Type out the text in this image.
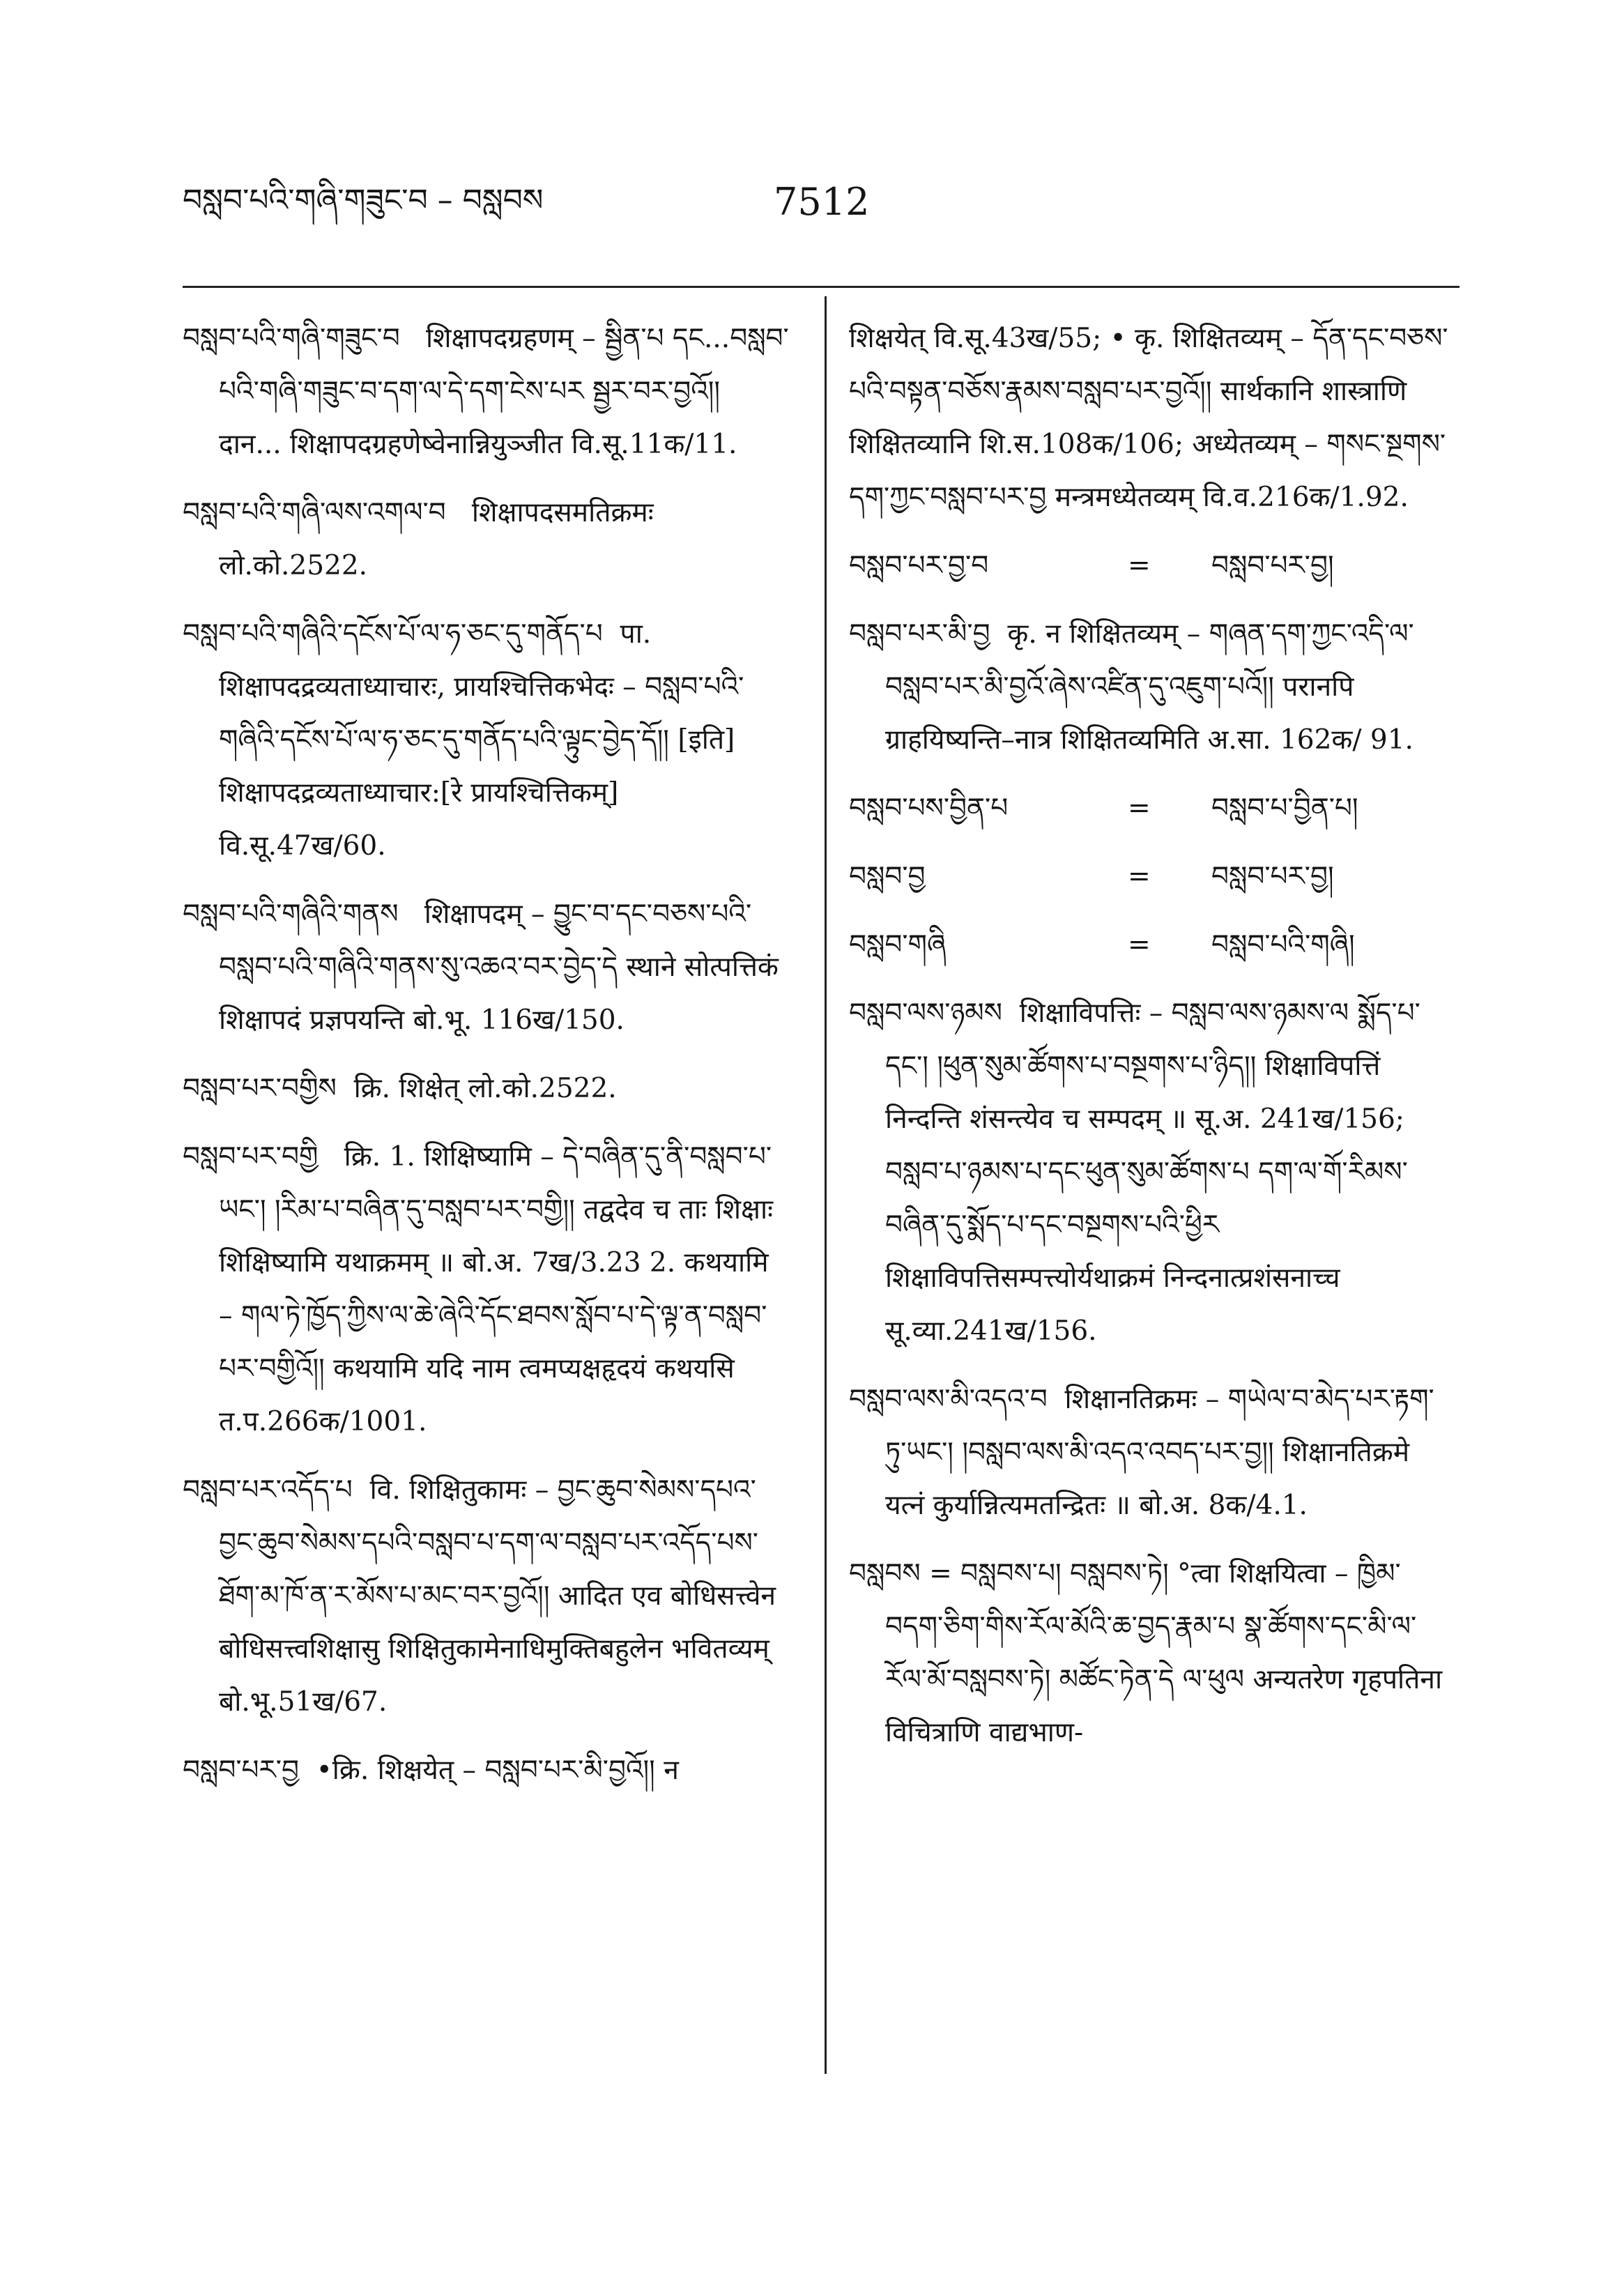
བསླབ་པའི་གཞི་གཟུང་བ – བསླབས	7512

བསླབ་པའི་གཞི་གཟུང་བ शिक्षापदग्रहणम् – སྦྱིན་པ དང...བསླབ་པའི་གཞི་གཟུང་བ་དག་ལ་དེ་དག་ངེས་པར སྦྱར་བར་བྱའོ།། दान... शिक्षापदग्रहणेष्वेनान्नियुञ्जीत वि.सू.11क/11.

བསླབ་པའི་གཞི་ལས་འགལ་བ शिक्षापदसमतिक्रमः लो.को.2522.

བསླབ་པའི་གཞིའི་དངོས་པོ་ལ་ཧ་ཅང་དུ་གནོད་པ पा. शिक्षापदद्रव्यताध्याचारः, प्रायश्चित्तिकभेदः – བསླབ་པའི་གཞིའི་དངོས་པོ་ལ་ཧ་ཅང་དུ་གནོད་པའི་ལྟུང་བྱེད་དོ།། [इति] शिक्षापदद्रव्यताध्याचार:[रे प्रायश्चित्तिकम्] वि.सू.47ख/60.

བསླབ་པའི་གཞིའི་གནས शिक्षापदम् – བྱུང་བ་དང་བཅས་པའི་བསླབ་པའི་གཞིའི་གནས་སུ་འཆའ་བར་བྱེད་དེ स्थाने सोत्पत्तिकं शिक्षापदं प्रज्ञपयन्ति बो.भू. 116ख/150.

བསླབ་པར་བགྱིས क्रि. शिक्षेत् लो.को.2522.

བསླབ་པར་བགྱི क्रि. 1. शिक्षिष्यामि – དེ་བཞིན་དུ་ནི་བསླབ་པ་ཡང་། །རིམ་པ་བཞིན་དུ་བསླབ་པར་བགྱི།། तद्वदेव च ताः शिक्षाः शिक्षिष्यामि यथाक्रमम् ॥ बो.अ. 7ख/3.23 2. कथयामि – གལ་ཏེ་ཁྱོད་ཀྱིས་ལ་ཆེ་ཞེའི་དོང་ཐབས་སློབ་པ་དེ་ལྟ་ན་བསླབ་པར་བགྱིའོ།། कथयामि यदि नाम त्वमप्यक्षहृदयं कथयसि त.प.266क/1001.

བསླབ་པར་འདོད་པ वि. शिक्षितुकामः – བྱང་ཆུབ་སེམས་དཔའ་བྱང་ཆུབ་སེམས་དཔའི་བསླབ་པ་དག་ལ་བསླབ་པར་འདོད་པས་ཐོག་མ་ཁོ་ན་ར་མོས་པ་མང་བར་བྱའོ།། आदित एव बोधिसत्त्वेन बोधिसत्त्वशिक्षासु शिक्षितुकामेनाधिमुक्तिबहुलेन भवितव्यम् बो.भू.51ख/67.

བསླབ་པར་བྱ •क्रि. शिक्षयेत् – བསླབ་པར་མི་བྱའོ།། न

शिक्षयेत् वि.सू.43ख/55; • कृ. शिक्षितव्यम् – དོན་དང་བཅས་པའི་བསྟན་བཅོས་རྣམས་བསླབ་པར་བྱའོ།། सार्थकानि शास्त्राणि शिक्षितव्यानि शि.स.108क/106; अध्येतव्यम् – གསང་སྔགས་དག་ཀྱང་བསླབ་པར་བྱ मन्त्रमध्येतव्यम् वि.व.216क/1.92.

བསླབ་པར་བྱ་བ	=	བསླབ་པར་བྱ།

བསླབ་པར་མི་བྱ कृ. न शिक्षितव्यम् – གཞན་དག་ཀྱང་འདི་ལ་བསླབ་པར་མི་བྱའོ་ཞེས་འཛིན་དུ་འཇུག་པའོ།། परानपि ग्राहयिष्यन्ति–नात्र शिक्षितव्यमिति अ.सा. 162क/ 91.

བསླབ་པས་བྱིན་པ	=	བསླབ་པ་བྱིན་པ།
བསླབ་བྱ	=	བསླབ་པར་བྱ།
བསླབ་གཞི	=	བསླབ་པའི་གཞི།

བསླབ་ལས་ཉམས शिक्षाविपत्तिः – བསླབ་ལས་ཉམས་ལ སྨོད་པ་དང་། །ཕུན་སུམ་ཚོགས་པ་བསྔགས་པ་ཉིད།། शिक्षाविपत्तिं निन्दन्ति शंसन्त्येव च सम्पदम् ॥ सू.अ. 241ख/156; བསླབ་པ་ཉམས་པ་དང་ཕུན་སུམ་ཚོགས་པ དག་ལ་གོ་རིམས་བཞིན་དུ་སྨོད་པ་དང་བསྔགས་པའི་ཕྱིར शिक्षाविपत्तिसम्पत्त्योर्यथाक्रमं निन्दनात्प्रशंसनाच्च सू.व्या.241ख/156.

བསླབ་ལས་མི་འདའ་བ शिक्षानतिक्रमः – གཡེལ་བ་མེད་པར་རྟག་ཏུ་ཡང་། །བསླབ་ལས་མི་འདའ་འབད་པར་བྱ།། शिक्षानतिक्रमे यत्नं कुर्यान्नित्यमतन्द्रितः ॥ बो.अ. 8क/4.1.

བསླབས = བསླབས་པ། བསླབས་ཏེ། °त्वा शिक्षयित्वा – ཁྱིམ་བདག་ཅིག་གིས་རོལ་མོའི་ཆ་བྱད་རྣམ་པ སྣ་ཚོགས་དང་མི་ལ་རོལ་མོ་བསླབས་ཏེ། མཚོང་ཏེན་དེ ལ་ཕུལ अन्यतरेण गृहपतिना विचित्राणि वाद्यभाण-
